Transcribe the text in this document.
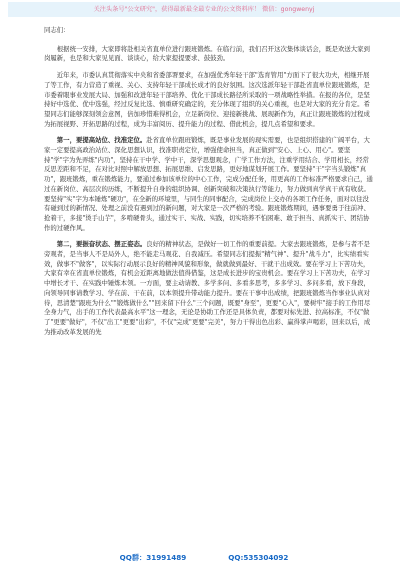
关注头条号"公文研究"，获得最新最全最专业的公文资料库！ 微信：gongwenyj

同志们：

根据统一安排，大家即将赴相关省直单位进行跟班锻炼。在临行前，我们召开这次集体谈话会，既是欢送大家到岗履新，也是和大家见见面、谈谈心，给大家提提要求、鼓鼓劲。

近年来，市委认真贯彻落实中央和省委部署要求，在加强优秀年轻干部"选育管用"方面下了很大功夫，相继开展了等工作，有力营造了重视、关心、支持年轻干部成长成才的良好氛围。这次选派年轻干部赴省直单位跟班锻炼，是市委着眼事业发展大局、加强和改进年轻干部培养、优化干部成长路径所采取的一项战略性举措。在报的各位，是坚持好中选优、优中选强，经过反复比选、慎重研究确定的，充分体现了组织的关心重视，也是对大家的充分肯定。希望同志们能够深刻领会意图，倍加珍惜难得机会，立足新岗位、迎接新挑战、展现新作为，真正让跟班锻炼的过程成为拓展视野、开拓思路的过程，成为丰富阅历、提升能力的过程、借此机会，提几点希望和要求。

第一，要提高站位、找准定位。赴省直单位跟班锻炼，既是事业发展的现实需要，也是组织搭建的广阔平台，大家一定要提高政治站位、深化思想认识，找准职责定位，增强使命担当，真正做到"安心、上心、用心"。要坚持"学"字为先弄练"内功"，坚持在干中学、学中干，深学思想观念，广学工作方法，注重学用结合、学用相长，经常反思差距和不足，在对比对照中解放思想、拓展思维、启发思路，更好地谋划开展工作。要坚持"干"字当头锻炼"真功"，跟班锻炼，重在锻炼能力，要通过参加该单位的中心工作，完成分配任务，用更高的工作标准严格要求自己，通过在新岗位、高层次的历练，不断提升自身的组织协调、创新突破和决策执行等能力，努力做到真学真干真有收获。要坚持"实"字为本锤炼"硬功"，在全新的环境里，与同生的同事配合，完成岗位上交办的各项工作任务，面对以往没有碰到过的新情况、处理之前没有遇到过的新问题，对大家是一次严格的考验。跟班锻炼期间，遇事要勇于往前冲、抢着干，多接"烫手山芋"，多啃硬骨头，通过实干、实战、实践，切实培养不怕困难、敢于担当、真抓实干、团结协作的过硬作风。

第二，要振奋状态、摆正姿态。良好的精神状态，是做好一切工作的重要前提。大家去跟班锻炼，是参与者不是旁观者，是当事人不是局外人，绝不能走马观花、自我减压。希望同志们提振"精气神"、提升"战斗力"，比实绩看实效，做事不"做客"，以实际行动展示良好的精神风貌和形象，做就做到最好、干就干出成效。要在学习上下苦功夫，大家有幸在省直单位锻炼，有机会近距离地做法值得借鉴，这是成长进步的宝贵机会。要在学习上下苦功夫，在学习中增长才干、在实践中锤炼本领。一方面，要主动请教、多学多问、多看多思考，多多学习、多问多看，放下身段，向领导同事请教学习、学在前、干在前，以本领提升带动能力提升。要在干事中出成绩，把跟班锻炼当作事业认真对待，思清楚"跟班为什么""锻炼做什么""回来留下什么"三个问题，既要"身至"，更要"心入"，要树牢"接手的工作用尽全身力气，出手的工作代表最高水平"这一理念，无论是协助工作还是具体负责，都要对标先进、拉高标准，不仅"做了"更要"做好"，不仅"出工"更要"出彩"，不仅"完成"更要"完美"，努力干得出色出彩、赢得掌声喝彩，回来以后，成为推动改革发展的先

QQ群：31991489	QQ:535304092
